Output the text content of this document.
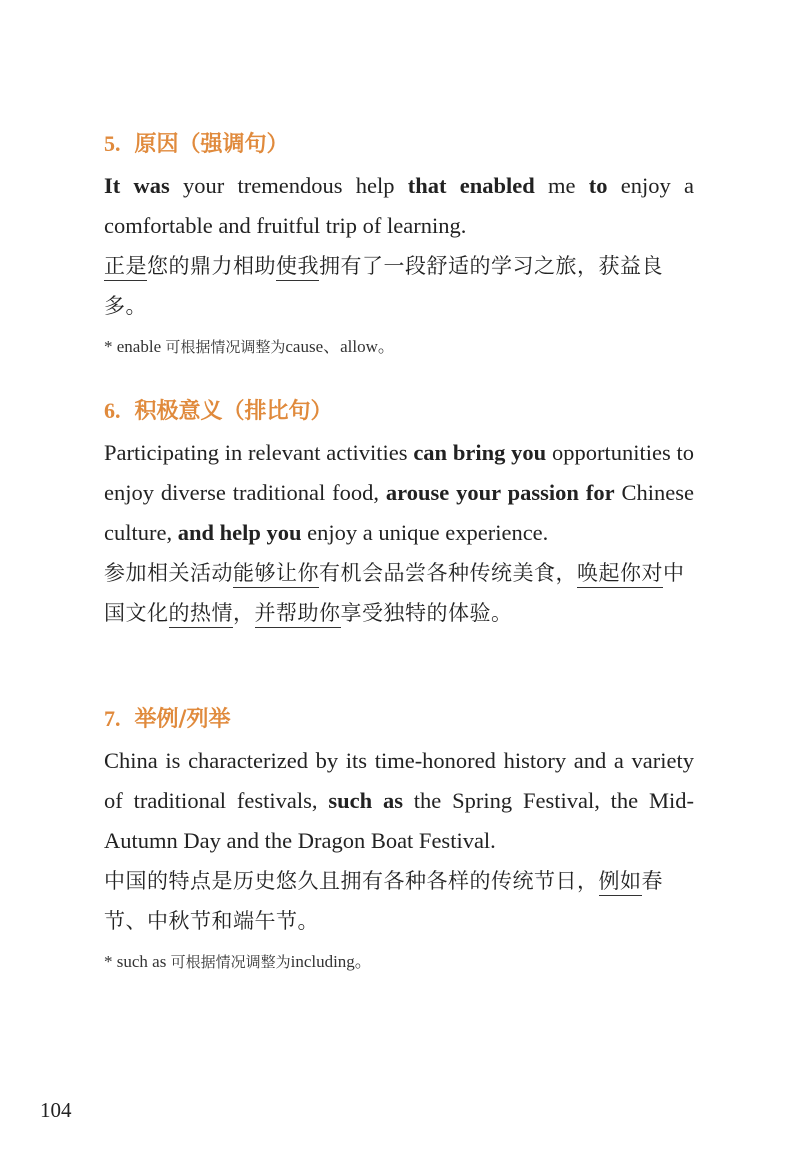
5. 原因（强调句）

It was your tremendous help that enabled me to enjoy a comfortable and fruitful trip of learning.

正是您的鼎力相助使我拥有了一段舒适的学习之旅，获益良多。

* enable 可根据情况调整为cause、allow。

6. 积极意义（排比句）

Participating in relevant activities can bring you opportunities to enjoy diverse traditional food, arouse your passion for Chinese culture, and help you enjoy a unique experience.

参加相关活动能够让你有机会品尝各种传统美食，唤起你对中国文化的热情，并帮助你享受独特的体验。

7. 举例/列举

China is characterized by its time-honored history and a variety of traditional festivals, such as the Spring Festival, the Mid-Autumn Day and the Dragon Boat Festival.

中国的特点是历史悠久且拥有各种各样的传统节日，例如春节、中秋节和端午节。

* such as 可根据情况调整为including。

104
